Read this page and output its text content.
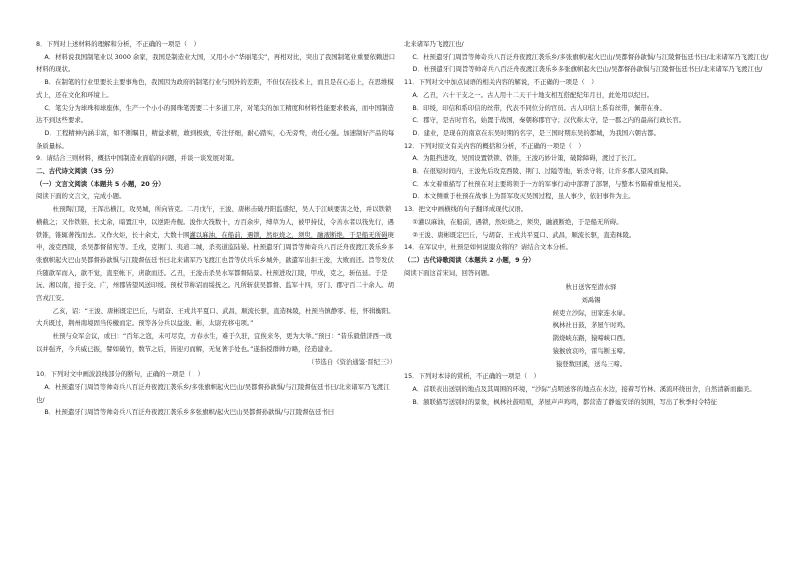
8．下列对上述材料的理解和分析，不正确的一项是（　）

A．材料说我国制笔业以 3000 余家，我国是制造业大国，又用小小“华丽笔尖”，再相对比，突出了我国制笔业重要依赖进口材料的现状。

B．在制笔的行业里要长主要事角色，我国因为政府的制笔行业与国外的差距，不但仅在技术上，而且是在心态上，在思维模式上，还在文化和环境上。

C．笔尖分为球珠和球座体，生产一个小小的圆珠笔需要二十多道工序，对笔尖的加工精度和材料性能要求极高，而中国制造达不到这些要求。

D．工程精神内涵丰富，如不断瞩目，精益求精，敢到极致，专注仔细，耐心踏实，心无旁骛，责任心强。加速制好产品的每条质量标。

9．请结合三则材料，概括中国制造业面临的问题，并谈一谈发展对策。

二、古代诗文阅读（35 分）

（一）文言文阅读（本题共 5 小题，20 分）

阅读下面的文言文，完成小题。

杜预陶江陵，王浑出横江，攻吴城，所向皆克。二月戊午，王浚、唐彬击破丹阳监盛纪，吴人于江峡要害之处，并以铁锁横截之；又作铁锥，长丈余，暗置江中，以逆距舟舰。浚作大筏数十，方百余步，缚草为人，被甲持仗，令善水者以筏先行，遇铁锥，锥辄著筏而去。又作火炬，长十余丈，大数十围灌以麻油，在船前，遇锁，然炬烧之，须臾，融液断绝，于是船无所碍庚申，浚克西陵，杀吴都督留宪等。壬戌，克荆门、夷道二城，杀夷道监陆晏。杜预遣牙门周旨等帅奇兵八百泛舟夜渡江袭乐乡多张旗帜起火巴山吴都督孙歆惧与江陵督伍廷书曰北来诸军乃飞渡江也旨等伏兵乐乡城外，歆遣军出拒王浚，大败而还。旨等发伏兵随歆军而入，歆不觉，直至帐下，虏歆而还。乙丑，王浚击杀吴水军都督陆景。杜预进攻江陵，甲戌，克之，斩伍延。于是沅、湘以南，接于交、广，州郡皆望风送印绶。预杖节称诏而绥抚之。凡所斩获吴都督、监军十四，牙门、郡守百二十余人。胡宫戎江安。

乙亥，诏：“王浚、唐彬既定巴丘，与胡奋、王戎共平夏口、武昌，顺流长驱，直造秣陵，杜预当镇静零、桂，怀辑衡阳。大兵既过，荆州南境固当传檄而定。预等各分兵以益浚、彬，太尉充移屯项。”

杜预与众军会议，或曰：“百年之寇，未可尽克，方春水生，难于久驻，宜俟来冬，更为大举。”预曰：“昔乐毅借济西一战以并强齐，今兵威已振，譬如破竹，数节之后，皆迎刃而解，无复著手处也。”遂指授群帅方略，径造建业。

（节选自《资治通鉴·晋纪三》）

10．下列对文中画波浪线部分的断句，正确的一项是（　）

A．杜预遣牙门周旨等帅奇兵八百泛舟夜渡江袭乐乡/多张旗帜起火巴山/吴都督孙歆惧/与江陵督伍廷书曰/北来诸军乃飞渡江也/

B．杜预遣牙门周旨等帅奇兵八百泛舟夜渡江袭乐乡多张旗帜/起火巴山吴都督孙歆惧/与江陵督伍廷书曰

北来诸军乃飞渡江也/

C．杜预遣牙门周旨等帅奇兵八百泛舟夜渡江袭乐乡/多张旗帜/起火巴山/吴都督孙歆惧/与江陵督伍廷书曰/北来诸军乃飞渡江也/

D．杜预遣牙门周旨等帅奇兵八百泛舟夜渡江袭乐乡多张旗帜起火巴山/吴都督孙歆惧与江陵督伍廷书曰/北来诸军乃飞渡江也/

11．下列对文中加点词语的相关内容的解说，不正确的一项是（　）

A．乙丑，六十干支之一。古人用十二天干十地支相互搭配纪年月日，此处用以纪日。

B．印绶，印信和系印信的丝带，代表不同位分的官员。古人印信上系有丝带，佩带在身。

C．郡守，是古时官名，始置于战国，秦朝称郡官守；汉代称太守，是一郡之内的最高行政长官。

D．建业，是现在的南京在东吴时期的名字，是三国时期东吴的都城，为我国六朝古都。

12．下列对原文有关内容的概括和分析，不正确的一项是（　）

A．为阻挡进攻，吴国设置铁锁、铁锥，王浚巧妙计策，破除障碍，渡过了长江。

B．在很短时间内，王浚先后攻克西陵、荆门、过隘等地，斩杀守将，让许多郡人望风而降。

C．本文着重描写了杜预在对主要将领于一方的军事行动中部署了部署，与整本书隔着重复相关。

D．本文侧重于杜预在战事上为晋军攻灭吴国过程，虽人事少，依旧事件为主。

13．把文中画横线的句子翻译成现代汉语。

①灌以麻油，在船前，遇锁，然炬烧之，须臾，融液断绝，于是船无所碍。

②王浚、唐彬既定巴丘，与胡奋、王戎共平夏口、武昌，顺流长驱，直造秣陵。

14．在军议中，杜预是如何说服众将的？请结合文本分析。

（二）古代诗歌阅读（本题共 2 小题，9 分）

阅读下面这首宋词，回答问题。

秋日送客至潜水驿

刘禹锡

候吏立沙际，田家连水扉。

枫林社日鼓，茅屋午时鸡。

鹊烧峡东路，猿啼峡口西。

猿猴放哀吟，雷鸟断玉啼。

猿登数回溪，送鸟三啼。

15．下列对本诗的赏析，不正确的一项是（　）

A．首联表出送别的地点及其周围的环境，“沙际”点明送客的地点在水边，接着写竹林、溪流环绕田舍，自然清新而幽美。

B．颔联描写送别时的景象，枫林社鼓喧喧，茅屋声声鸡鸣，都营造了静谧安详的氛围，写出了秋季时令特征
